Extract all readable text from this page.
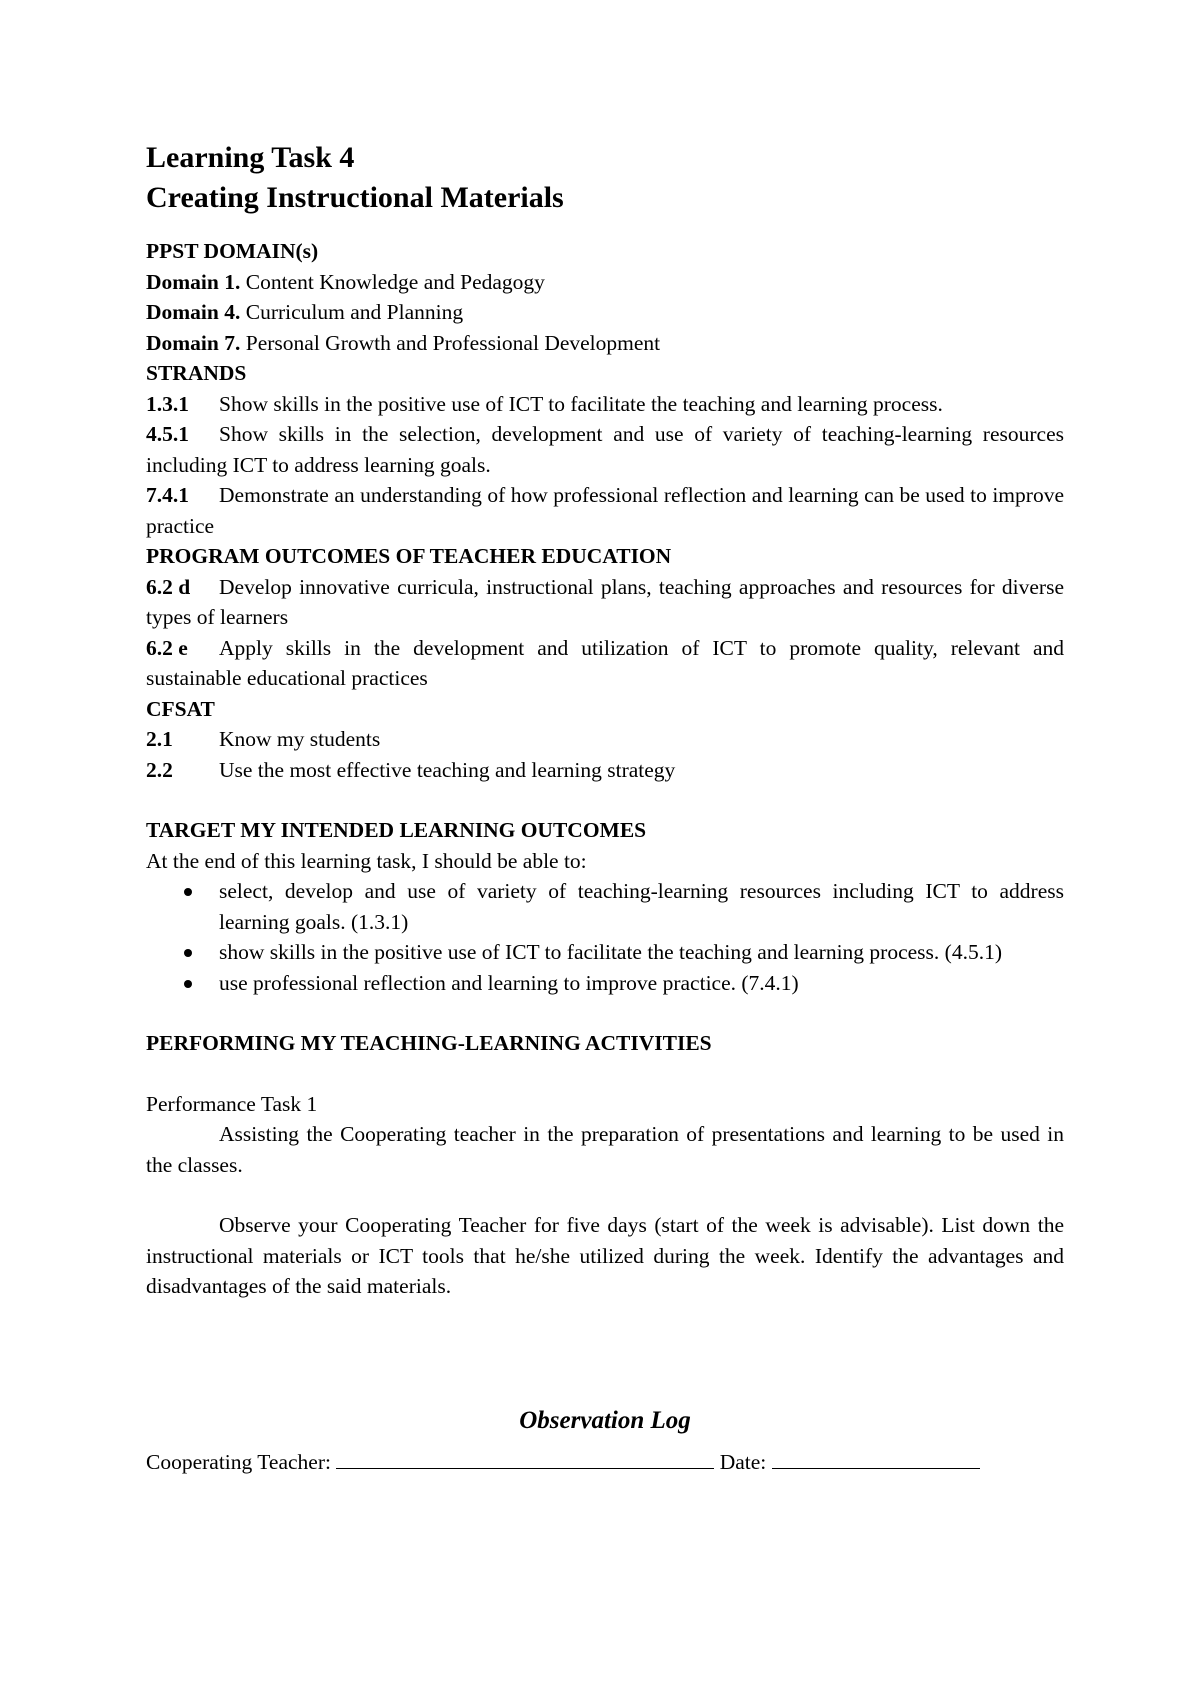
Learning Task 4
Creating Instructional Materials
PPST DOMAIN(s)
Domain 1. Content Knowledge and Pedagogy
Domain 4. Curriculum and Planning
Domain 7. Personal Growth and Professional Development
STRANDS
1.3.1 Show skills in the positive use of ICT to facilitate the teaching and learning process.
4.5.1 Show skills in the selection, development and use of variety of teaching-learning resources including ICT to address learning goals.
7.4.1 Demonstrate an understanding of how professional reflection and learning can be used to improve practice
PROGRAM OUTCOMES OF TEACHER EDUCATION
6.2 d Develop innovative curricula, instructional plans, teaching approaches and resources for diverse types of learners
6.2 e Apply skills in the development and utilization of ICT to promote quality, relevant and sustainable educational practices
CFSAT
2.1 Know my students
2.2 Use the most effective teaching and learning strategy
TARGET MY INTENDED LEARNING OUTCOMES
At the end of this learning task, I should be able to:
select, develop and use of variety of teaching-learning resources including ICT to address learning goals. (1.3.1)
show skills in the positive use of ICT to facilitate the teaching and learning process. (4.5.1)
use professional reflection and learning to improve practice. (7.4.1)
PERFORMING MY TEACHING-LEARNING ACTIVITIES
Performance Task 1
Assisting the Cooperating teacher in the preparation of presentations and learning to be used in the classes.
Observe your Cooperating Teacher for five days (start of the week is advisable). List down the instructional materials or ICT tools that he/she utilized during the week. Identify the advantages and disadvantages of the said materials.
Observation Log
Cooperating Teacher:	Date:
